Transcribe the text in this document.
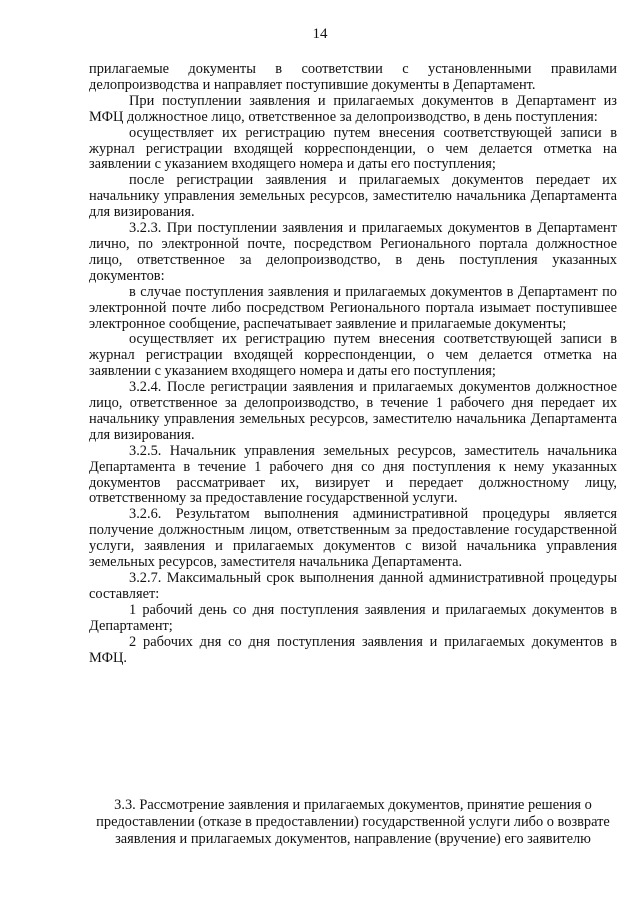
14

прилагаемые документы в соответствии с установленными правилами делопроизводства и направляет поступившие документы в Департамент.

При поступлении заявления и прилагаемых документов в Департамент из МФЦ должностное лицо, ответственное за делопроизводство, в день поступления:

осуществляет их регистрацию путем внесения соответствующей записи в журнал регистрации входящей корреспонденции, о чем делается отметка на заявлении с указанием входящего номера и даты его поступления;

после регистрации заявления и прилагаемых документов передает их начальнику управления земельных ресурсов, заместителю начальника Департамента для визирования.

3.2.3. При поступлении заявления и прилагаемых документов в Департамент лично, по электронной почте, посредством Регионального портала должностное лицо, ответственное за делопроизводство, в день поступления указанных документов:

в случае поступления заявления и прилагаемых документов в Департамент по электронной почте либо посредством Регионального портала изымает поступившее электронное сообщение, распечатывает заявление и прилагаемые документы;

осуществляет их регистрацию путем внесения соответствующей записи в журнал регистрации входящей корреспонденции, о чем делается отметка на заявлении с указанием входящего номера и даты его поступления;

3.2.4. После регистрации заявления и прилагаемых документов должностное лицо, ответственное за делопроизводство, в течение 1 рабочего дня передает их начальнику управления земельных ресурсов, заместителю начальника Департамента для визирования.

3.2.5. Начальник управления земельных ресурсов, заместитель начальника Департамента в течение 1 рабочего дня со дня поступления к нему указанных документов рассматривает их, визирует и передает должностному лицу, ответственному за предоставление государственной услуги.

3.2.6. Результатом выполнения административной процедуры является получение должностным лицом, ответственным за предоставление государственной услуги, заявления и прилагаемых документов с визой начальника управления земельных ресурсов, заместителя начальника Департамента.

3.2.7. Максимальный срок выполнения данной административной процедуры составляет:

1 рабочий день со дня поступления заявления и прилагаемых документов в Департамент;

2 рабочих дня со дня поступления заявления и прилагаемых документов в МФЦ.

3.3. Рассмотрение заявления и прилагаемых документов, принятие решения о предоставлении (отказе в предоставлении) государственной услуги либо о возврате заявления и прилагаемых документов, направление (вручение) его заявителю
